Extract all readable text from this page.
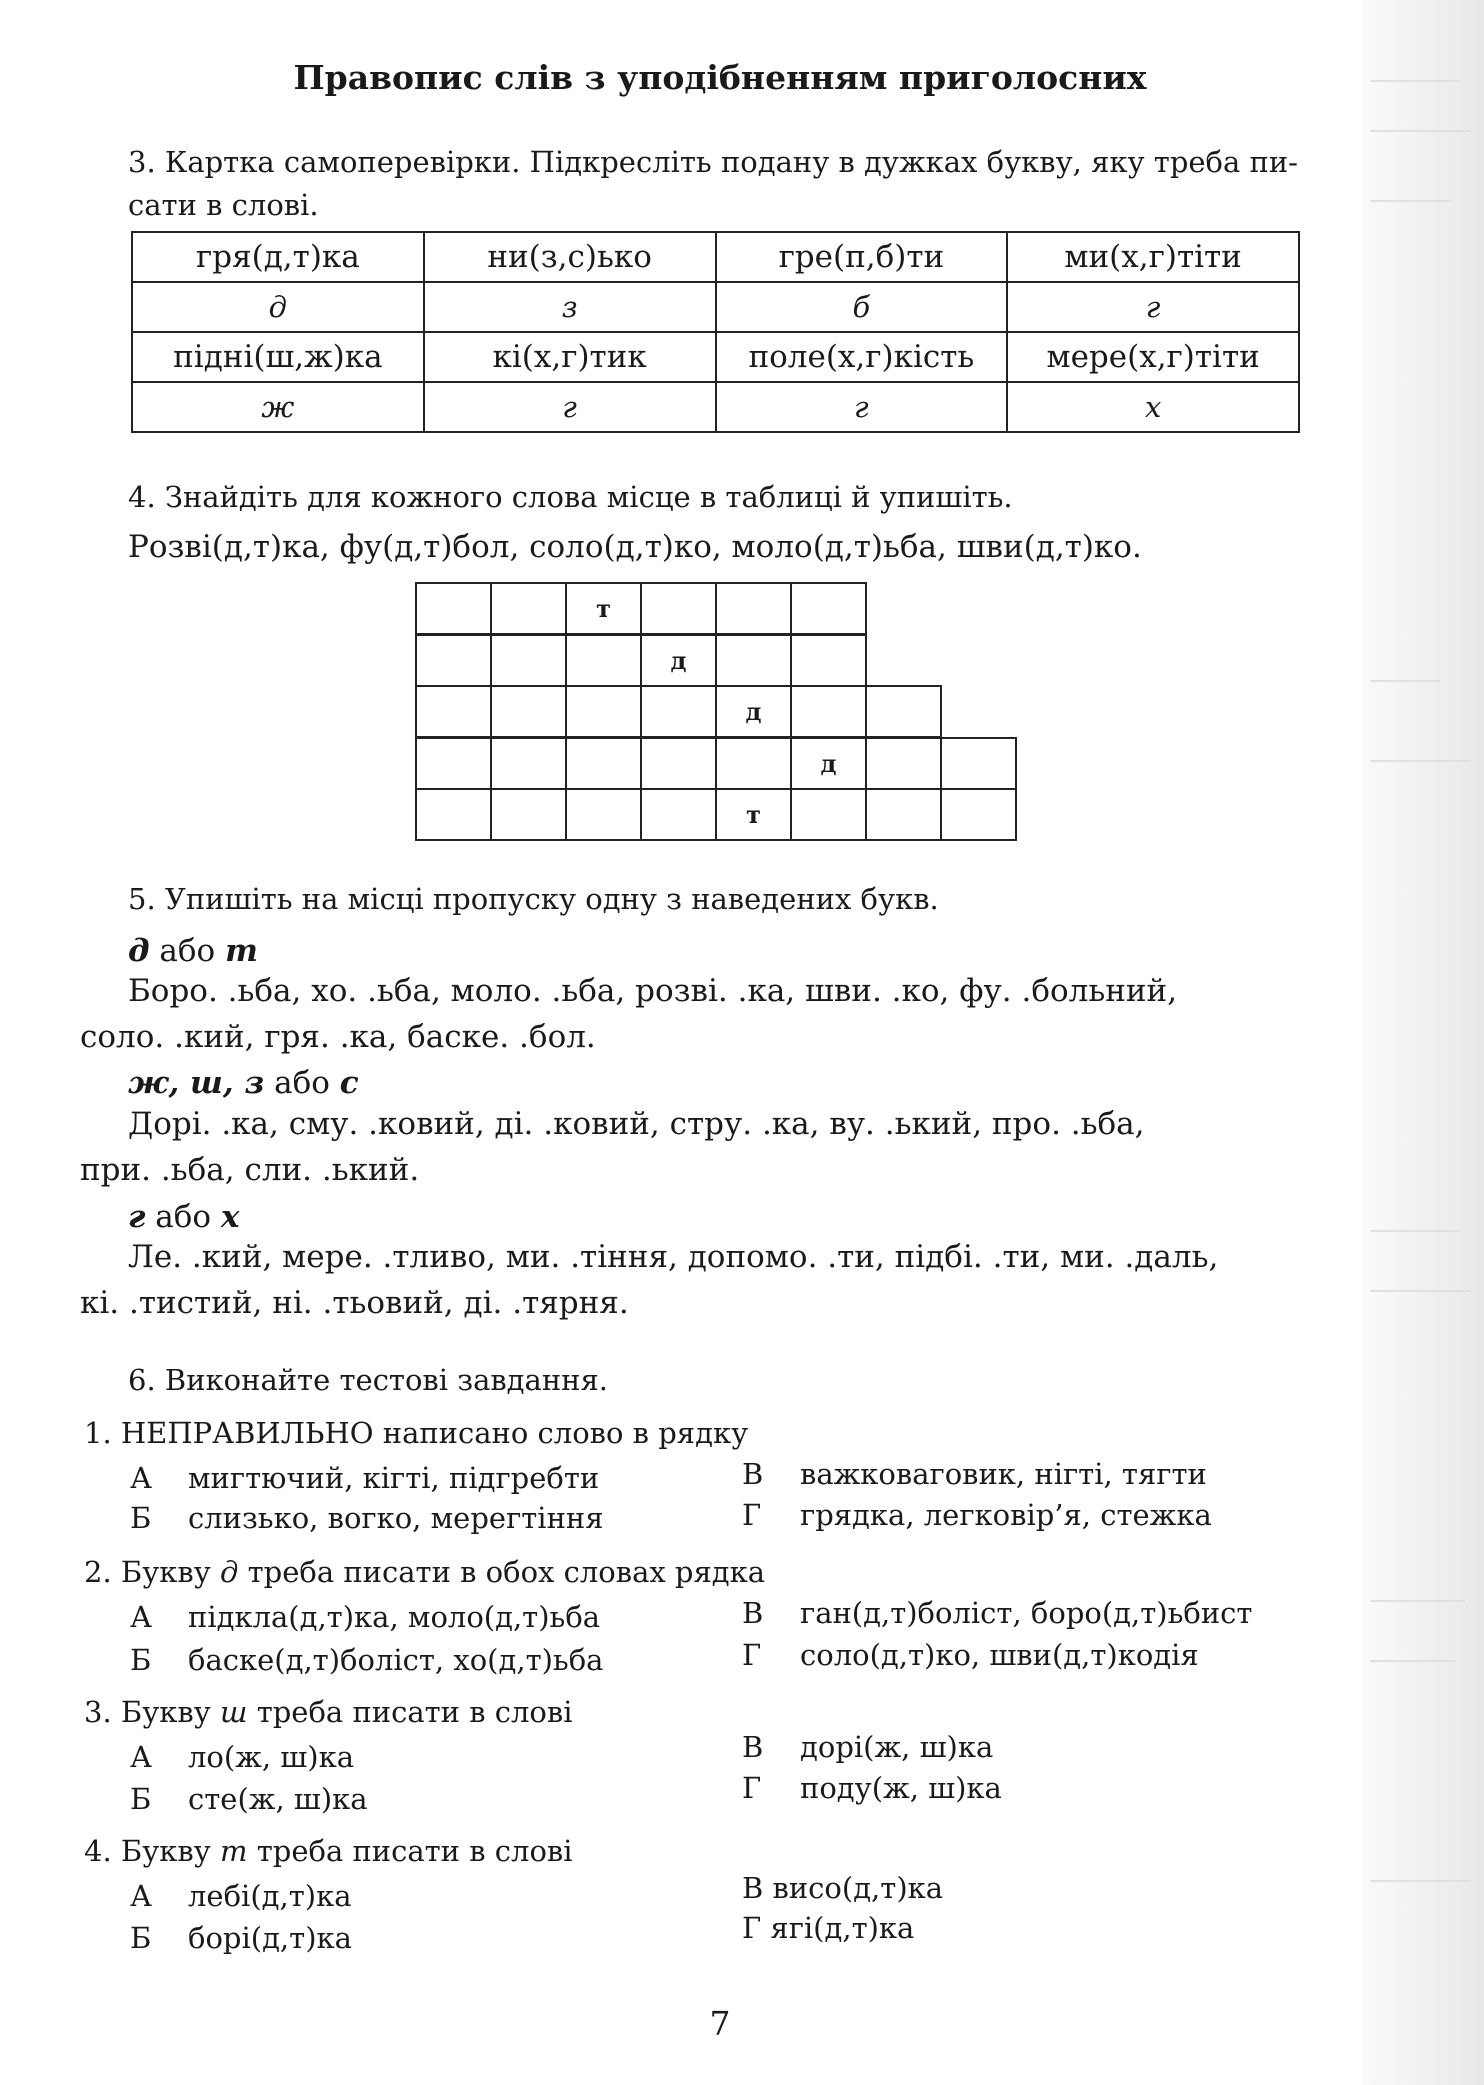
Правопис слів з уподібненням приголосних
3. Картка самоперевірки. Підкресліть подану в дужках букву, яку треба пи-
сати в слові.
гря(д,т)ка	ни(з,с)ько	гре(п,б)ти	ми(х,г)тіти
д	з	б	г
підні(ш,ж)ка	кі(х,г)тик	поле(х,г)кість	мере(х,г)тіти
ж	г	г	х
4. Знайдіть для кожного слова місце в таблиці й упишіть.
Розві(д,т)ка, фу(д,т)бол, соло(д,т)ко, моло(д,т)ьба, шви(д,т)ко.
т
д
д
д
т
5. Упишіть на місці пропуску одну з наведених букв.
д або т
Боро. .ьба, хо. .ьба, моло. .ьба, розві. .ка, шви. .ко, фу. .больний,
соло. .кий, гря. .ка, баске. .бол.
ж, ш, з або с
Дорі. .ка, сму. .ковий, ді. .ковий, стру. .ка, ву. .ький, про. .ьба,
при. .ьба, сли. .ький.
г або х
Ле. .кий, мере. .тливо, ми. .тіння, допомо. .ти, підбі. .ти, ми. .даль,
кі. .тистий, ні. .тьовий, ді. .тярня.
6. Виконайте тестові завдання.
1. НЕПРАВИЛЬНО написано слово в рядку
А мигтючий, кігті, підгребти
Б слизько, вогко, мерегтіння
В важковаговик, нігті, тягти
Г грядка, легковір’я, стежка
2. Букву д треба писати в обох словах рядка
А підкла(д,т)ка, моло(д,т)ьба
Б баске(д,т)боліст, хо(д,т)ьба
В ган(д,т)боліст, боро(д,т)ьбист
Г соло(д,т)ко, шви(д,т)кодія
3. Букву ш треба писати в слові
А ло(ж, ш)ка
Б сте(ж, ш)ка
В дорі(ж, ш)ка
Г поду(ж, ш)ка
4. Букву т треба писати в слові
А лебі(д,т)ка
Б борі(д,т)ка
В висо(д,т)ка
Г ягі(д,т)ка
7
